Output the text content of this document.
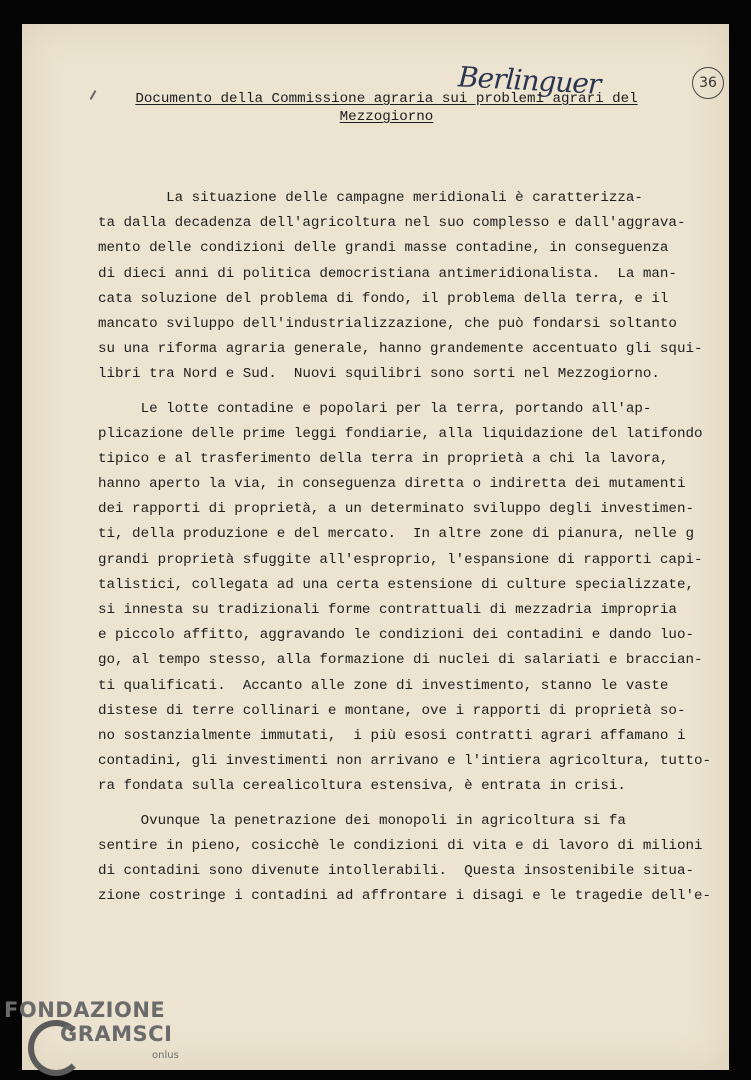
Berlinguer	36
Documento della Commissione agraria sui problemi agrari del
Mezzogiorno
La situazione delle campagne meridionali è caratterizza-
ta dalla decadenza dell'agricoltura nel suo complesso e dall'aggrava-
mento delle condizioni delle grandi masse contadine, in conseguenza
di dieci anni di politica democristiana antimeridionalista.  La man-
cata soluzione del problema di fondo, il problema della terra, e il
mancato sviluppo dell'industrializzazione, che può fondarsi soltanto
su una riforma agraria generale, hanno grandemente accentuato gli squi-
libri tra Nord e Sud.  Nuovi squilibri sono sorti nel Mezzogiorno.
Le lotte contadine e popolari per la terra, portando all'ap-
plicazione delle prime leggi fondiarie, alla liquidazione del latifondo
tipico e al trasferimento della terra in proprietà a chi la lavora,
hanno aperto la via, in conseguenza diretta o indiretta dei mutamenti
dei rapporti di proprietà, a un determinato sviluppo degli investimen-
ti, della produzione e del mercato.  In altre zone di pianura, nelle g
grandi proprietà sfuggite all'esproprio, l'espansione di rapporti capi-
talistici, collegata ad una certa estensione di culture specializzate,
si innesta su tradizionali forme contrattuali di mezzadria impropria
e piccolo affitto, aggravando le condizioni dei contadini e dando luo-
go, al tempo stesso, alla formazione di nuclei di salariati e braccian-
ti qualificati.  Accanto alle zone di investimento, stanno le vaste
distese di terre collinari e montane, ove i rapporti di proprietà so-
no sostanzialmente immutati,  i più esosi contratti agrari affamano i
contadini, gli investimenti non arrivano e l'intiera agricoltura, tutto-
ra fondata sulla cerealicoltura estensiva, è entrata in crisi.
Ovunque la penetrazione dei monopoli in agricoltura si fa
sentire in pieno, cosicchè le condizioni di vita e di lavoro di milioni
di contadini sono divenute intollerabili.  Questa insostenibile situa-
zione costringe i contadini ad affrontare i disagi e le tragedie dell'e-
FONDAZIONE
GRAMSCI
onlus
